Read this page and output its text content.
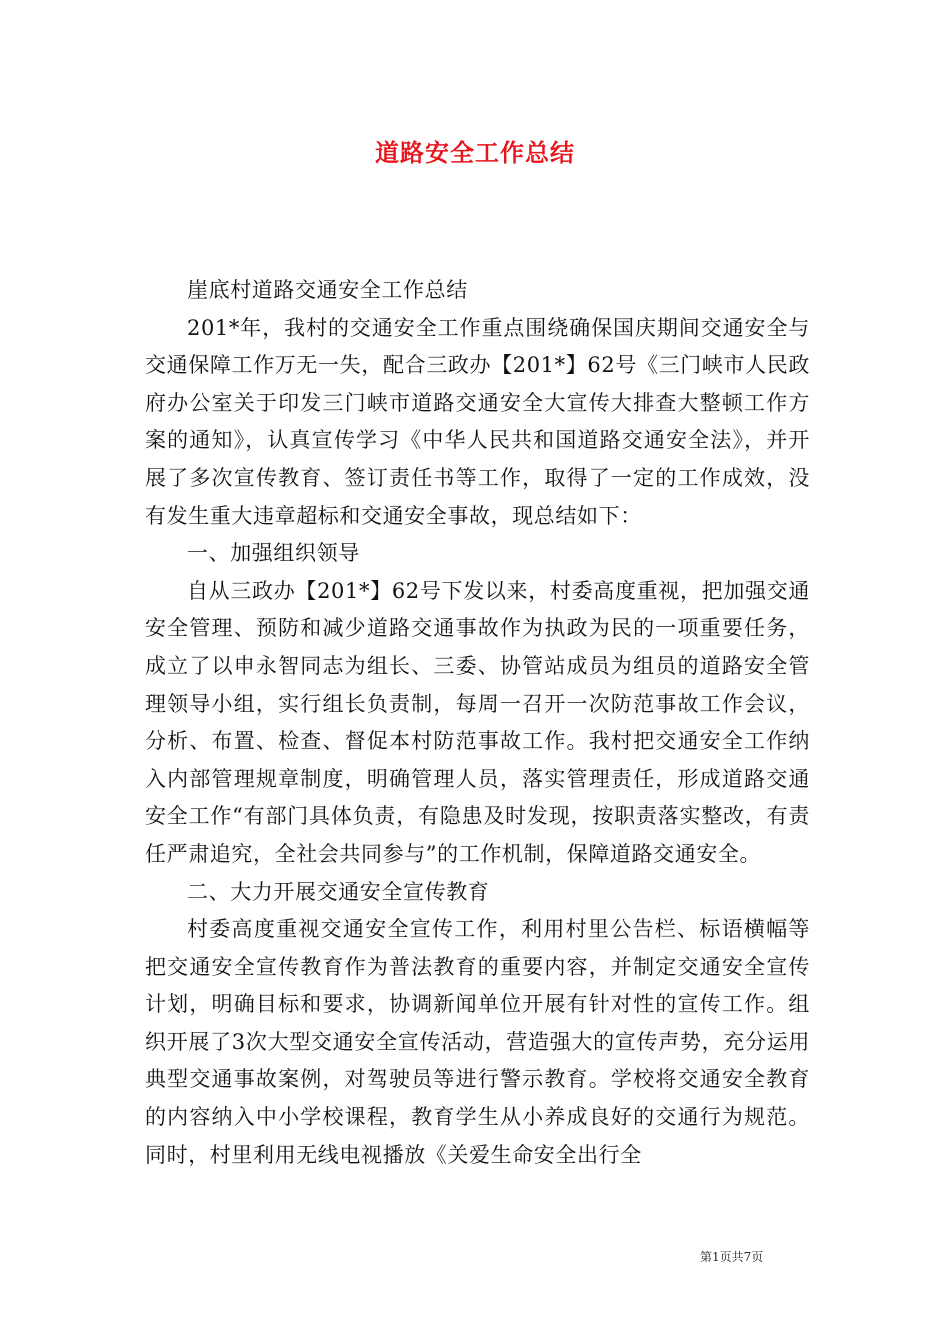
道路安全工作总结

崖底村道路交通安全工作总结

201*年，我村的交通安全工作重点围绕确保国庆期间交通安全与交通保障工作万无一失，配合三政办【201*】62号《三门峡市人民政府办公室关于印发三门峡市道路交通安全大宣传大排查大整顿工作方案的通知》，认真宣传学习《中华人民共和国道路交通安全法》，并开展了多次宣传教育、签订责任书等工作，取得了一定的工作成效，没有发生重大违章超标和交通安全事故，现总结如下：

一、加强组织领导

自从三政办【201*】62号下发以来，村委高度重视，把加强交通安全管理、预防和减少道路交通事故作为执政为民的一项重要任务，成立了以申永智同志为组长、三委、协管站成员为组员的道路安全管理领导小组，实行组长负责制，每周一召开一次防范事故工作会议，分析、布置、检查、督促本村防范事故工作。我村把交通安全工作纳入内部管理规章制度，明确管理人员，落实管理责任，形成道路交通安全工作“有部门具体负责，有隐患及时发现，按职责落实整改，有责任严肃追究，全社会共同参与”的工作机制，保障道路交通安全。

二、大力开展交通安全宣传教育

村委高度重视交通安全宣传工作，利用村里公告栏、标语横幅等把交通安全宣传教育作为普法教育的重要内容，并制定交通安全宣传计划，明确目标和要求，协调新闻单位开展有针对性的宣传工作。组织开展了3次大型交通安全宣传活动，营造强大的宣传声势，充分运用典型交通事故案例，对驾驶员等进行警示教育。学校将交通安全教育的内容纳入中小学校课程，教育学生从小养成良好的交通行为规范。同时，村里利用无线电视播放《关爱生命安全出行全

第1页共7页
